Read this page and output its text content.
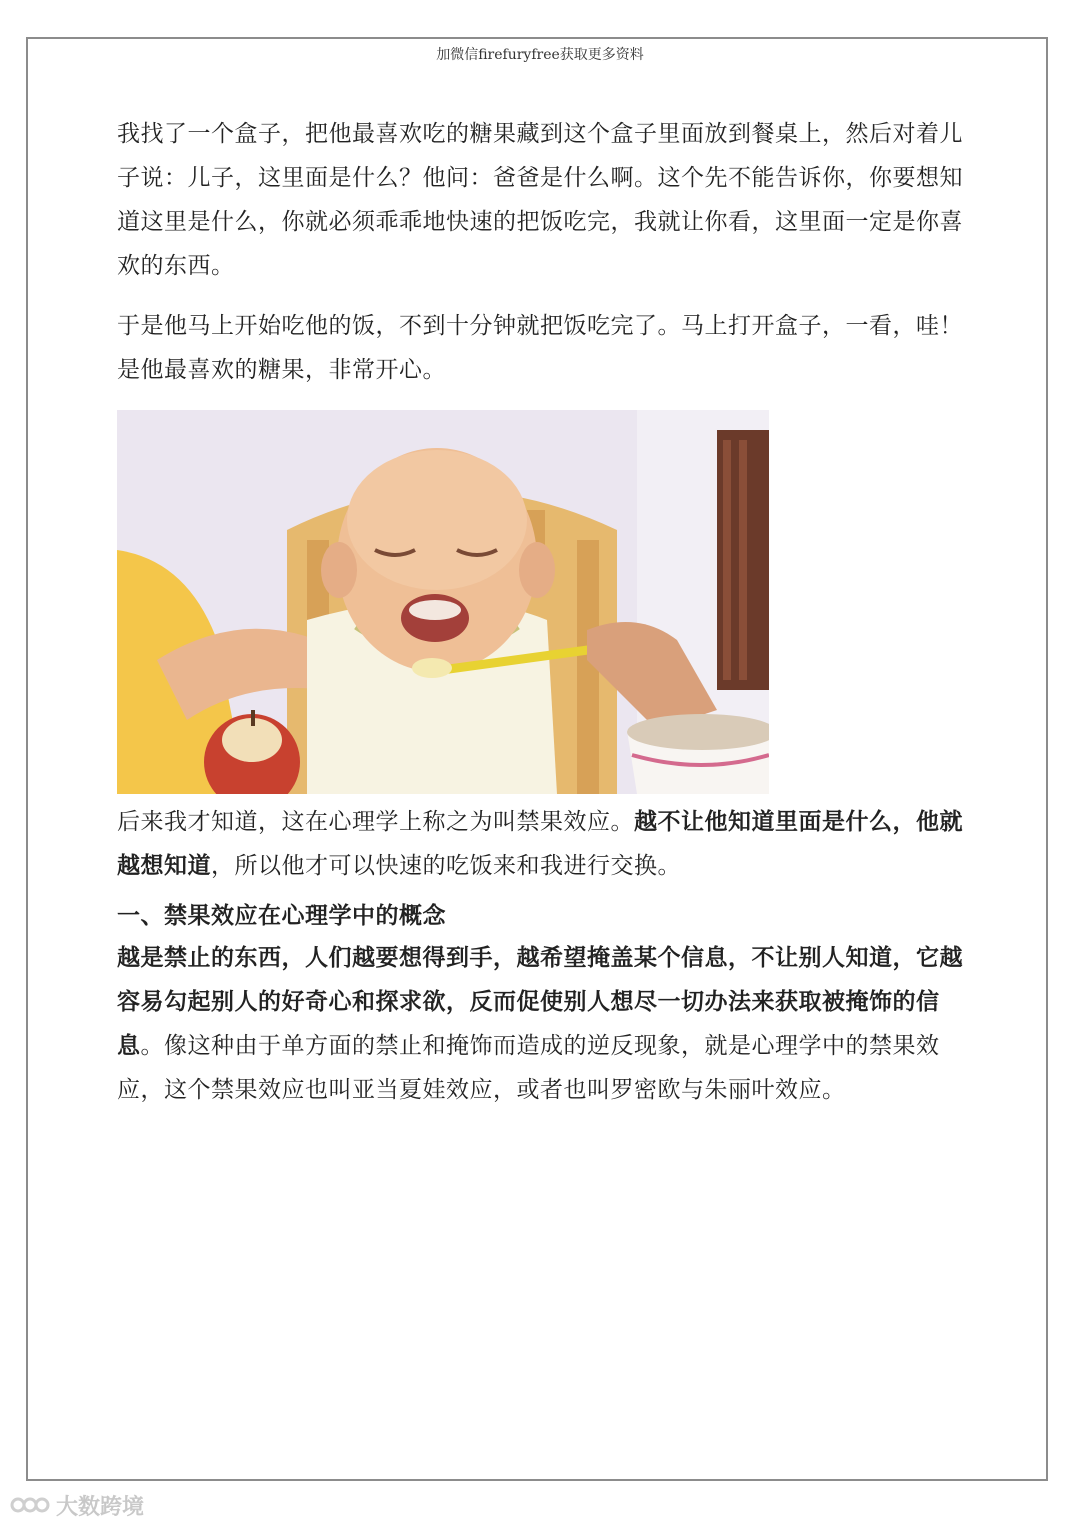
加微信firefuryfree获取更多资料

我找了一个盒子，把他最喜欢吃的糖果藏到这个盒子里面放到餐桌上，然后对着儿子说：儿子，这里面是什么？他问：爸爸是什么啊。这个先不能告诉你，你要想知道这里是什么，你就必须乖乖地快速的把饭吃完，我就让你看，这里面一定是你喜欢的东西。

于是他马上开始吃他的饭，不到十分钟就把饭吃完了。马上打开盒子，一看，哇！是他最喜欢的糖果，非常开心。

后来我才知道，这在心理学上称之为叫禁果效应。越不让他知道里面是什么，他就越想知道，所以他才可以快速的吃饭来和我进行交换。

一、禁果效应在心理学中的概念

越是禁止的东西，人们越要想得到手，越希望掩盖某个信息，不让别人知道，它越容易勾起别人的好奇心和探求欲，反而促使别人想尽一切办法来获取被掩饰的信息。像这种由于单方面的禁止和掩饰而造成的逆反现象，就是心理学中的禁果效应，这个禁果效应也叫亚当夏娃效应，或者也叫罗密欧与朱丽叶效应。

大数跨境
